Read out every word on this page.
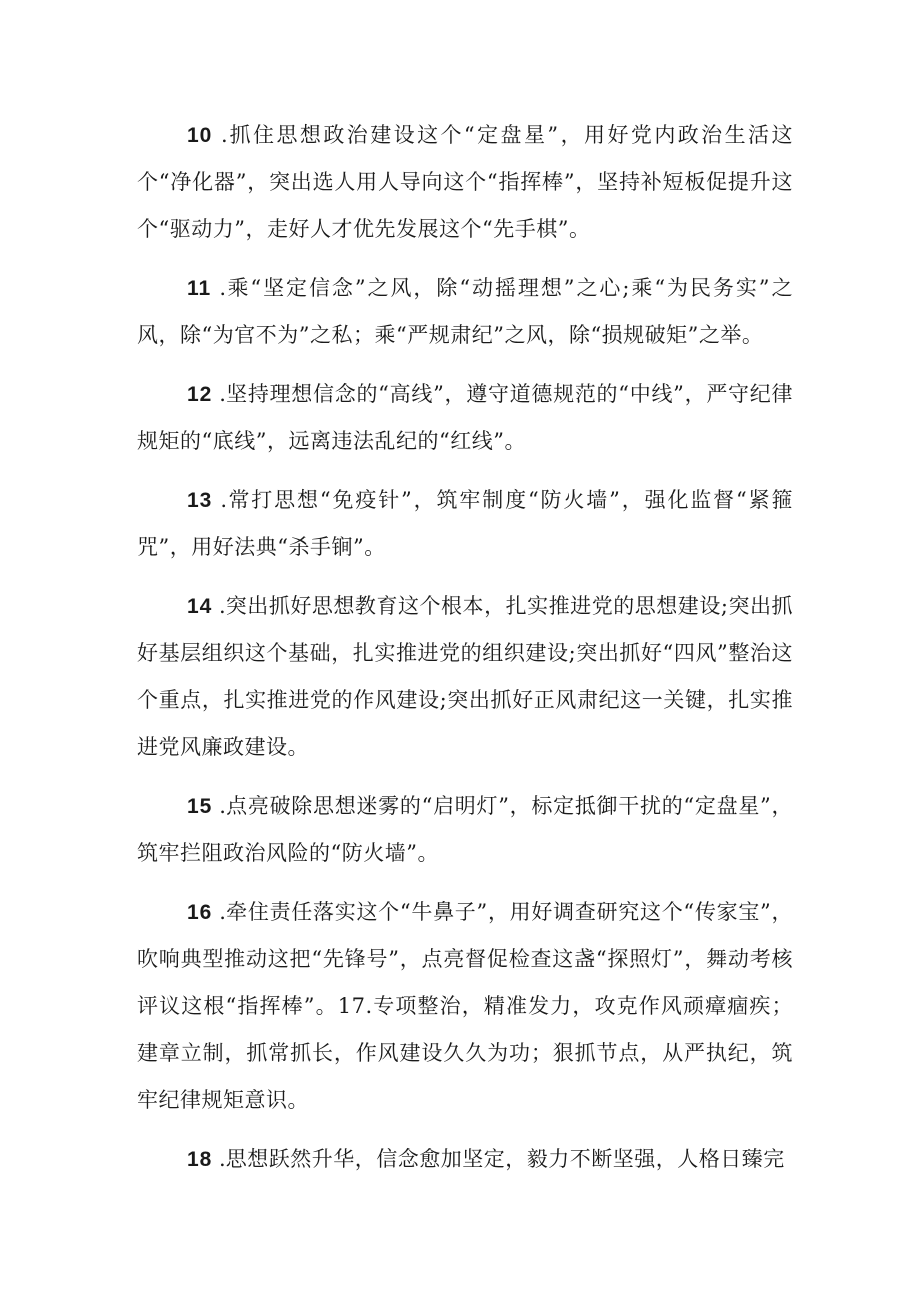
10 .抓住思想政治建设这个“定盘星”，用好党内政治生活这个“净化器”，突出选人用人导向这个“指挥棒”，坚持补短板促提升这个“驱动力”，走好人才优先发展这个“先手棋”。

11 .乘“坚定信念”之风，除“动摇理想”之心;乘“为民务实”之风，除“为官不为”之私；乘“严规肃纪”之风，除“损规破矩”之举。

12 .坚持理想信念的“高线”，遵守道德规范的“中线”，严守纪律规矩的“底线”，远离违法乱纪的“红线”。

13 .常打思想“免疫针”，筑牢制度“防火墙”，强化监督“紧箍咒”，用好法典“杀手锏”。

14 .突出抓好思想教育这个根本，扎实推进党的思想建设;突出抓好基层组织这个基础，扎实推进党的组织建设;突出抓好“四风”整治这个重点，扎实推进党的作风建设;突出抓好正风肃纪这一关键，扎实推进党风廉政建设。

15 .点亮破除思想迷雾的“启明灯”，标定抵御干扰的“定盘星”，筑牢拦阻政治风险的“防火墙”。

16 .牵住责任落实这个“牛鼻子”，用好调查研究这个“传家宝”，吹响典型推动这把“先锋号”，点亮督促检查这盏“探照灯”，舞动考核评议这根“指挥棒”。17.专项整治，精准发力，攻克作风顽瘴痼疾；建章立制，抓常抓长，作风建设久久为功；狠抓节点，从严执纪，筑牢纪律规矩意识。

18 .思想跃然升华，信念愈加坚定，毅力不断坚强，人格日臻完
